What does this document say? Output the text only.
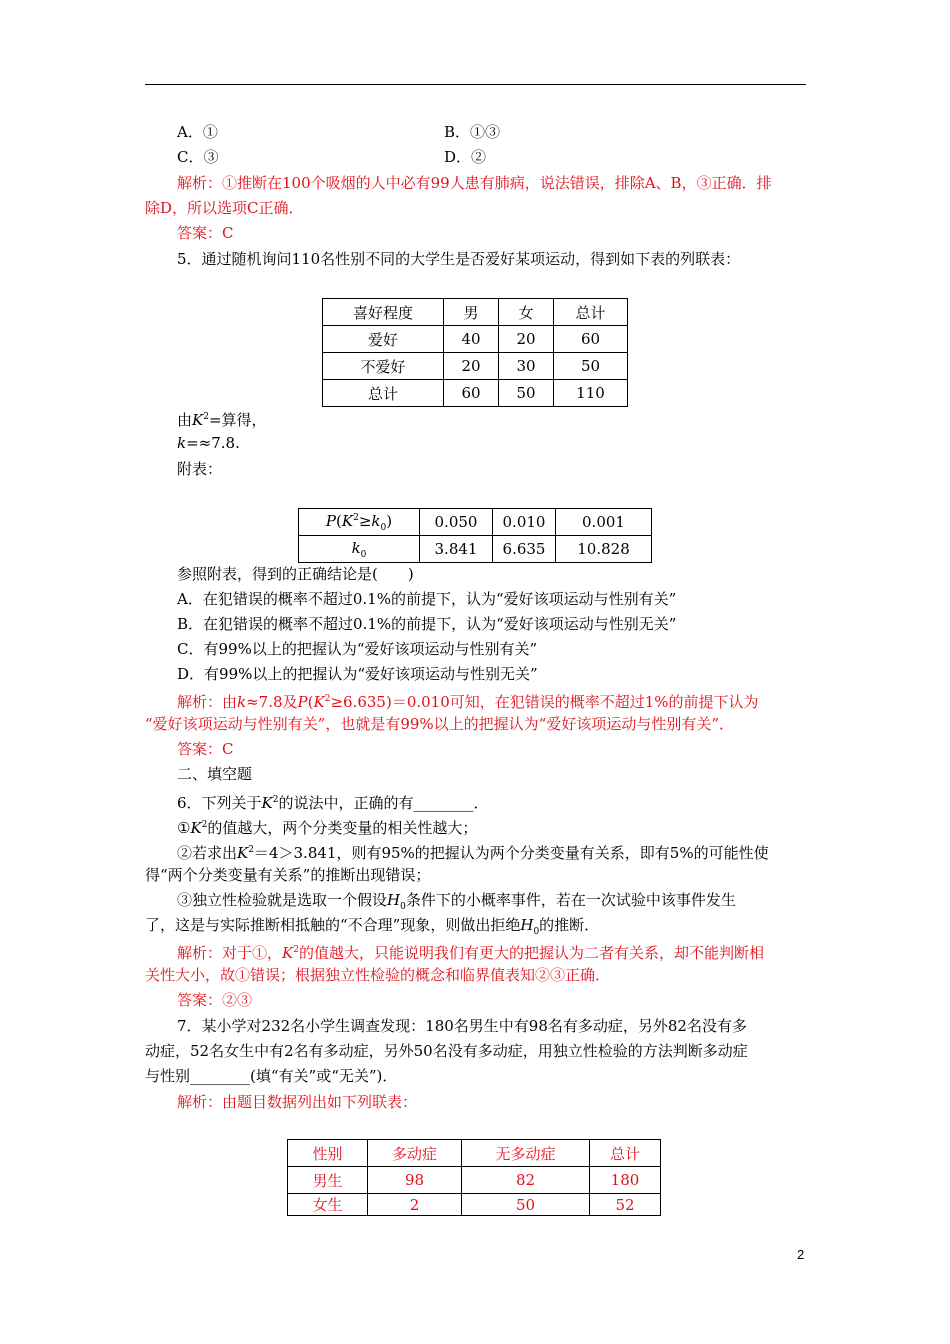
A．①	B．①③
C．③	D．②
解析：①推断在100个吸烟的人中必有99人患有肺病，说法错误，排除A、B，③正确．排
除D，所以选项C正确．
答案：C
5．通过随机询问110名性别不同的大学生是否爱好某项运动，得到如下表的列联表：
喜好程度	男	女	总计
爱好	40	20	60
不爱好	20	30	50
总计	60	50	110
由$K^2=$算得，
k=≈7.8.
附表：
$P(K^2\ge k_0)$	0.050	0.010	0.001
$k_0$	3.841	6.635	10.828
参照附表，得到的正确结论是(　　)
A．在犯错误的概率不超过0.1%的前提下，认为“爱好该项运动与性别有关”
B．在犯错误的概率不超过0.1%的前提下，认为“爱好该项运动与性别无关”
C．有99%以上的把握认为“爱好该项运动与性别有关”
D．有99%以上的把握认为“爱好该项运动与性别无关”
解析：由k≈7.8及$P(K^2\ge 6.635)=0.010$可知，在犯错误的概率不超过1%的前提下认为
“爱好该项运动与性别有关”，也就是有99%以上的把握认为“爱好该项运动与性别有关”．
答案：C
二、填空题
6．下列关于$K^2$的说法中，正确的有________．
$①K^2$的值越大，两个分类变量的相关性越大；
②若求出$K^2=4>3.841$，则有95%的把握认为两个分类变量有关系，即有5%的可能性使
得“两个分类变量有关系”的推断出现错误；
③独立性检验就是选取一个假设$H_0$条件下的小概率事件，若在一次试验中该事件发生
了，这是与实际推断相抵触的“不合理”现象，则做出拒绝$H_0$的推断．
解析：对于①，$K^2$的值越大，只能说明我们有更大的把握认为二者有关系，却不能判断相
关性大小，故①错误；根据独立性检验的概念和临界值表知②③正确．
答案：②③
7．某小学对232名小学生调查发现：180名男生中有98名有多动症，另外82名没有多
动症，52名女生中有2名有多动症，另外50名没有多动症，用独立性检验的方法判断多动症
与性别________(填“有关”或“无关”)．
解析：由题目数据列出如下列联表：
性别	多动症	无多动症	总计
男生	98	82	180
女生	2	50	52
2
